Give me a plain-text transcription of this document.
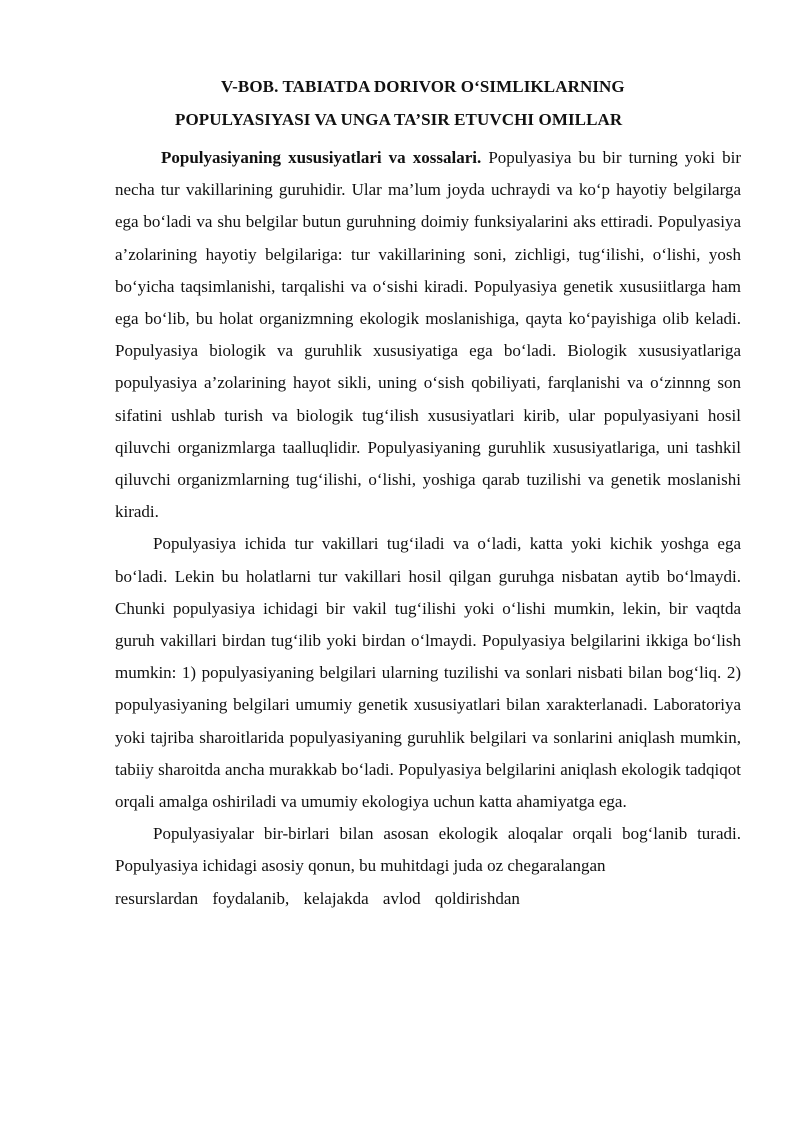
V-BOB. TABIATDA DORIVOR O‘SIMLIKLARNING
POPULYASIYASI VA UNGA TA’SIR ETUVCHI OMILLAR

Populyasiyaning xususiyatlari va xossalari. Populyasiya bu bir turning yoki bir necha tur vakillarining guruhidir. Ular ma’lum joyda uchraydi va ko‘p hayotiy belgilarga ega bo‘ladi va shu belgilar butun guruhning doimiy funksiyalarini aks ettiradi. Populyasiya a’zolarining hayotiy belgilariga: tur vakillarining soni, zichligi, tug‘ilishi, o‘lishi, yosh bo‘yicha taqsimlanishi, tarqalishi va o‘sishi kiradi. Populyasiya genetik xususiitlarga ham ega bo‘lib, bu holat organizmning ekologik moslanishiga, qayta ko‘payishiga olib keladi. Populyasiya biologik va guruhlik xususiyatiga ega bo‘ladi. Biologik xususiyatlariga populyasiya a’zolarining hayot sikli, uning o‘sish qobiliyati, farqlanishi va o‘zinnng son sifatini ushlab turish va biologik tug‘ilish xususiyatlari kirib, ular populyasiyani hosil qiluvchi organizmlarga taalluqlidir. Populyasiyaning guruhlik xususiyatlariga, uni tashkil qiluvchi organizmlarning tug‘ilishi, o‘lishi, yoshiga qarab tuzilishi va genetik moslanishi kiradi.

Populyasiya ichida tur vakillari tug‘iladi va o‘ladi, katta yoki kichik yoshga ega bo‘ladi. Lekin bu holatlarni tur vakillari hosil qilgan guruhga nisbatan aytib bo‘lmaydi. Chunki populyasiya ichidagi bir vakil tug‘ilishi yoki o‘lishi mumkin, lekin, bir vaqtda guruh vakillari birdan tug‘ilib yoki birdan o‘lmaydi. Populyasiya belgilarini ikkiga bo‘lish mumkin: 1) populyasiyaning belgilari ularning tuzilishi va sonlari nisbati bilan bog‘liq. 2) populyasiyaning belgilari umumiy genetik xususiyatlari bilan xarakterlanadi. Laboratoriya yoki tajriba sharoitlarida populyasiyaning guruhlik belgilari va sonlarini aniqlash mumkin, tabiiy sharoitda ancha murakkab bo‘ladi. Populyasiya belgilarini aniqlash ekologik tadqiqot orqali amalga oshiriladi va umumiy ekologiya uchun katta ahamiyatga ega.

Populyasiyalar bir-birlari bilan asosan ekologik aloqalar orqali bog‘lanib turadi. Populyasiya ichidagi asosiy qonun, bu muhitdagi juda oz chegaralangan
resurslardan foydalanib, kelajakda avlod qoldirishdan
